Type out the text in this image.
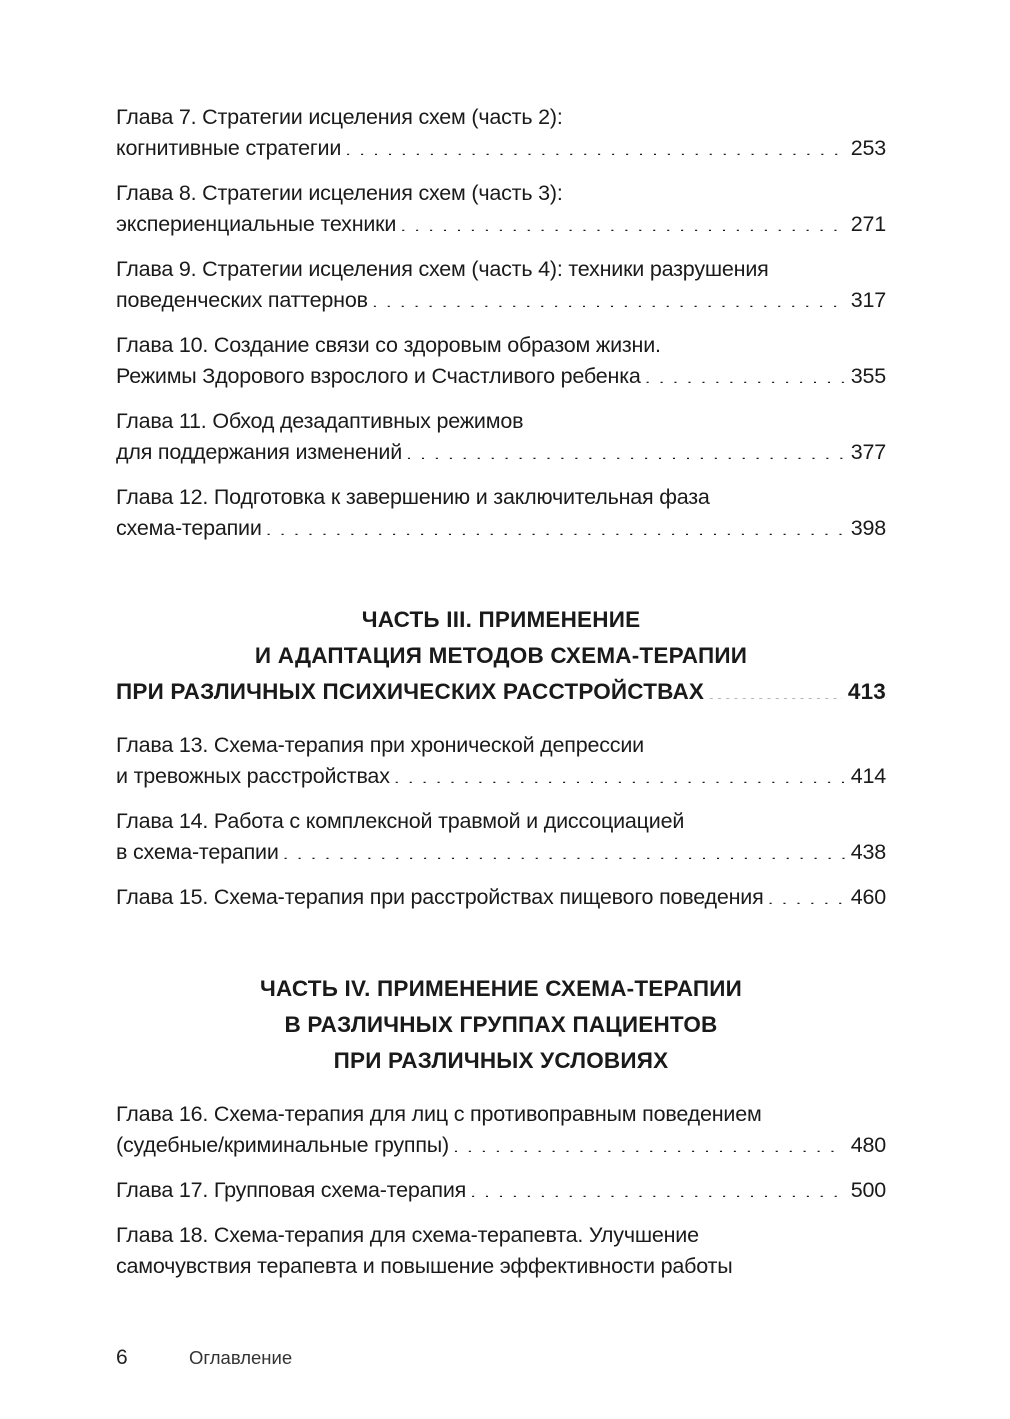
Глава 7. Стратегии исцеления схем (часть 2):
когнитивные стратегии . . .	253
Глава 8. Стратегии исцеления схем (часть 3):
экспериенциальные техники . . .	271
Глава 9. Стратегии исцеления схем (часть 4): техники разрушения
поведенческих паттернов . . .	317
Глава 10. Создание связи со здоровым образом жизни.
Режимы Здорового взрослого и Счастливого ребенка . . .	355
Глава 11. Обход дезадаптивных режимов
для поддержания изменений . . .	377
Глава 12. Подготовка к завершению и заключительная фаза
схема-терапии . . .	398
ЧАСТЬ III. ПРИМЕНЕНИЕ
И АДАПТАЦИЯ МЕТОДОВ СХЕМА-ТЕРАПИИ
ПРИ РАЗЛИЧНЫХ ПСИХИЧЕСКИХ РАССТРОЙСТВАХ .....	413
Глава 13. Схема-терапия при хронической депрессии
и тревожных расстройствах . . .	414
Глава 14. Работа с комплексной травмой и диссоциацией
в схема-терапии . . .	438
Глава 15. Схема-терапия при расстройствах пищевого поведения . . .	460
ЧАСТЬ IV. ПРИМЕНЕНИЕ СХЕМА-ТЕРАПИИ
В РАЗЛИЧНЫХ ГРУППАХ ПАЦИЕНТОВ
ПРИ РАЗЛИЧНЫХ УСЛОВИЯХ
Глава 16. Схема-терапия для лиц с противоправным поведением
(судебные/криминальные группы) . . .	480
Глава 17. Групповая схема-терапия . . .	500
Глава 18. Схема-терапия для схема-терапевта. Улучшение
самочувствия терапевта и повышение эффективности работы
6	Оглавление
